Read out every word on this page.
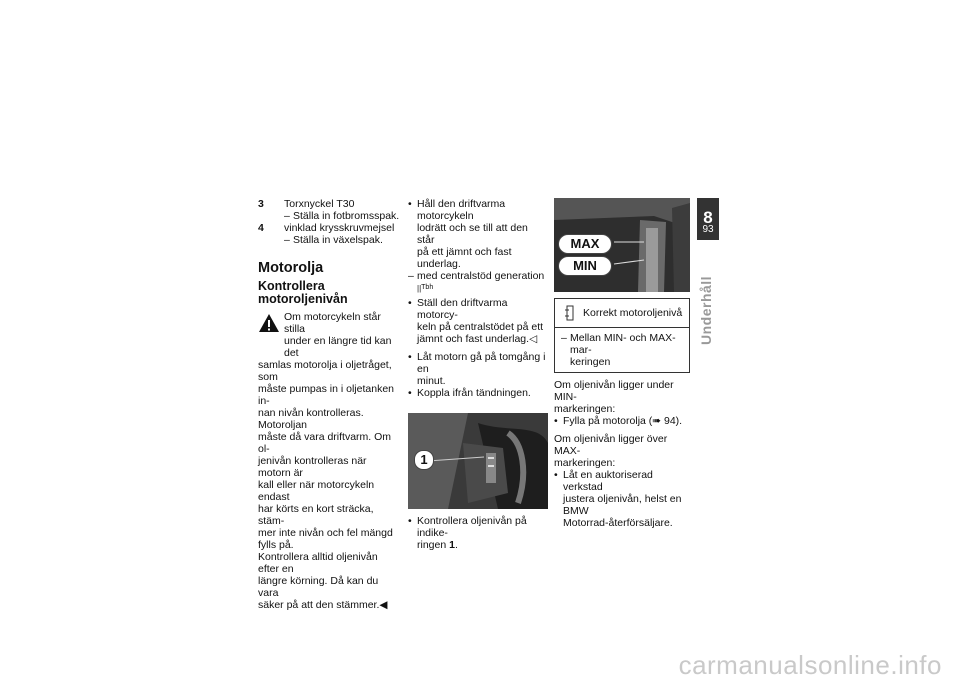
3	Torxnyckel T30
– Ställa in fotbromsspak.
4	vinklad krysskruvmejsel
– Ställa in växelspak.
Motorolja
Kontrollera
motoroljenivån

Om motorcykeln står stilla

under en längre tid kan det

samlas motorolja i oljetråget, som

måste pumpas in i oljetanken in-

nan nivån kontrolleras. Motoroljan

måste då vara driftvarm. Om ol-

jenivån kontrolleras när motorn är

kall eller när motorcykeln endast

har körts en kort sträcka, stäm-

mer inte nivån och fel mängd

fylls på.

Kontrollera alltid oljenivån efter en

längre körning. Då kan du vara

säker på att den stämmer.◀

• Håll den driftvarma motorcykeln
lodrätt och se till att den står
på ett jämnt och fast underlag.
– med centralstöd generation
$||^{Tbh}$
• Ställ den driftvarma motorcy-
keln på centralstödet på ett
jämnt och fast underlag.◁
• Låt motorn gå på tomgång i en
minut.
• Koppla ifrån tändningen.
1
• Kontrollera oljenivån på indike-
ringen 1.
MAX
MIN
Korrekt motoroljenivå
– Mellan MIN- och MAX-mar-
keringen

Om oljenivån ligger under MIN-

markeringen:

• Fylla på motorolja (➠ 94).

Om oljenivån ligger över MAX-

markeringen:

• Låt en auktoriserad verkstad
justera oljenivån, helst en BMW
Motorrad-återförsäljare.
8
93
Underhåll
carmanualsonline.info
